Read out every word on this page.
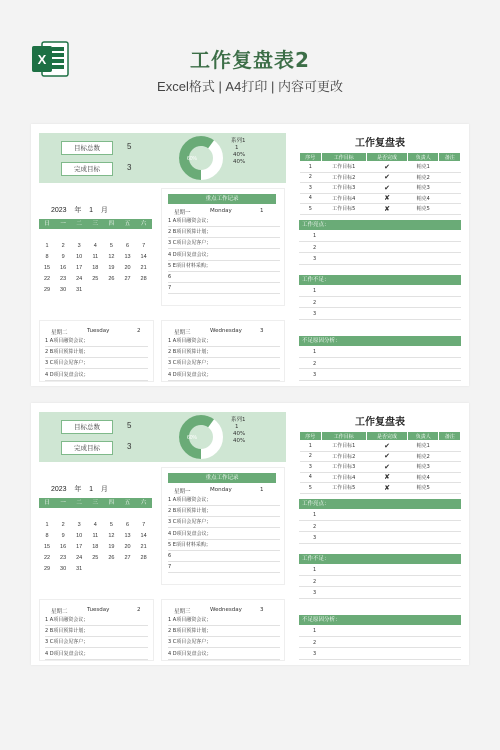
X	工作复盘表2
Excel格式 | A4打印 | 内容可更改
目标总数	5
完成目标	3
60%
系列1
1
40%
40%
工作复盘表
序号	工作目标	是否完成	负责人	备注
1	工作目标1	✔	帕克1	
2	工作目标2	✔	帕克2	
3	工作目标3	✔	帕克3	
4	工作目标4	✘	帕克4	
5	工作目标5	✘	帕克5	
工作亮点：
1
2
3
工作不足：
1
2
3
不足原因分析：
1
2
3
2023 年 1 月
日	一	二	三	四	五	六
1	2	3	4	5	6	7
8	9	10	11	12	13	14
15	16	17	18	19	20	21
22	23	24	25	26	27	28
29	30	31
重点工作记录
星期一	Monday	1
1 A项目融资会议；
2 B项目预算计划；
3 C项目会见客户；
4 D项目复盘会议；
5 E项目材料采购；
6
7
星期二	Tuesday	2
1 A项目融资会议；
2 B项目预算计划；
3 C项目会见客户；
4 D项目复盘会议；
星期三	Wednesday	3
1 A项目融资会议；
2 B项目预算计划；
3 C项目会见客户；
4 D项目复盘会议；
目标总数	5
完成目标	3
60%
系列1
1
40%
40%
工作复盘表
序号	工作目标	是否完成	负责人	备注
1	工作目标1	✔	帕克1	
2	工作目标2	✔	帕克2	
3	工作目标3	✔	帕克3	
4	工作目标4	✘	帕克4	
5	工作目标5	✘	帕克5	
工作亮点：
1
2
3
工作不足：
1
2
3
不足原因分析：
1
2
3
2023 年 1 月
日	一	二	三	四	五	六
1	2	3	4	5	6	7
8	9	10	11	12	13	14
15	16	17	18	19	20	21
22	23	24	25	26	27	28
29	30	31
重点工作记录
星期一	Monday	1
1 A项目融资会议；
2 B项目预算计划；
3 C项目会见客户；
4 D项目复盘会议；
5 E项目材料采购；
6
7
星期二	Tuesday	2
1 A项目融资会议；
2 B项目预算计划；
3 C项目会见客户；
4 D项目复盘会议；
星期三	Wednesday	3
1 A项目融资会议；
2 B项目预算计划；
3 C项目会见客户；
4 D项目复盘会议；
